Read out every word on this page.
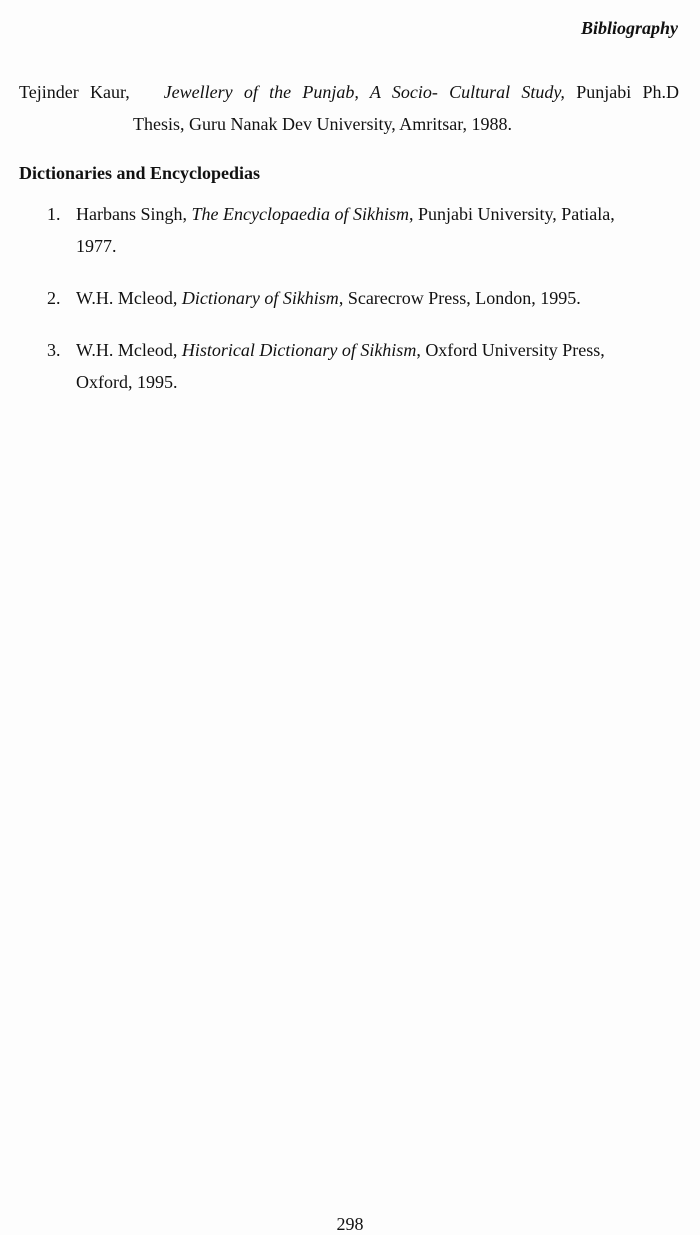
Bibliography
Tejinder Kaur, Jewellery of the Punjab, A Socio- Cultural Study, Punjabi Ph.D
Thesis, Guru Nanak Dev University, Amritsar, 1988.
Dictionaries and Encyclopedias
1. Harbans Singh, The Encyclopaedia of Sikhism, Punjabi University, Patiala,
1977.
2. W.H. Mcleod, Dictionary of Sikhism, Scarecrow Press, London, 1995.
3. W.H. Mcleod, Historical Dictionary of Sikhism, Oxford University Press,
Oxford, 1995.
298
